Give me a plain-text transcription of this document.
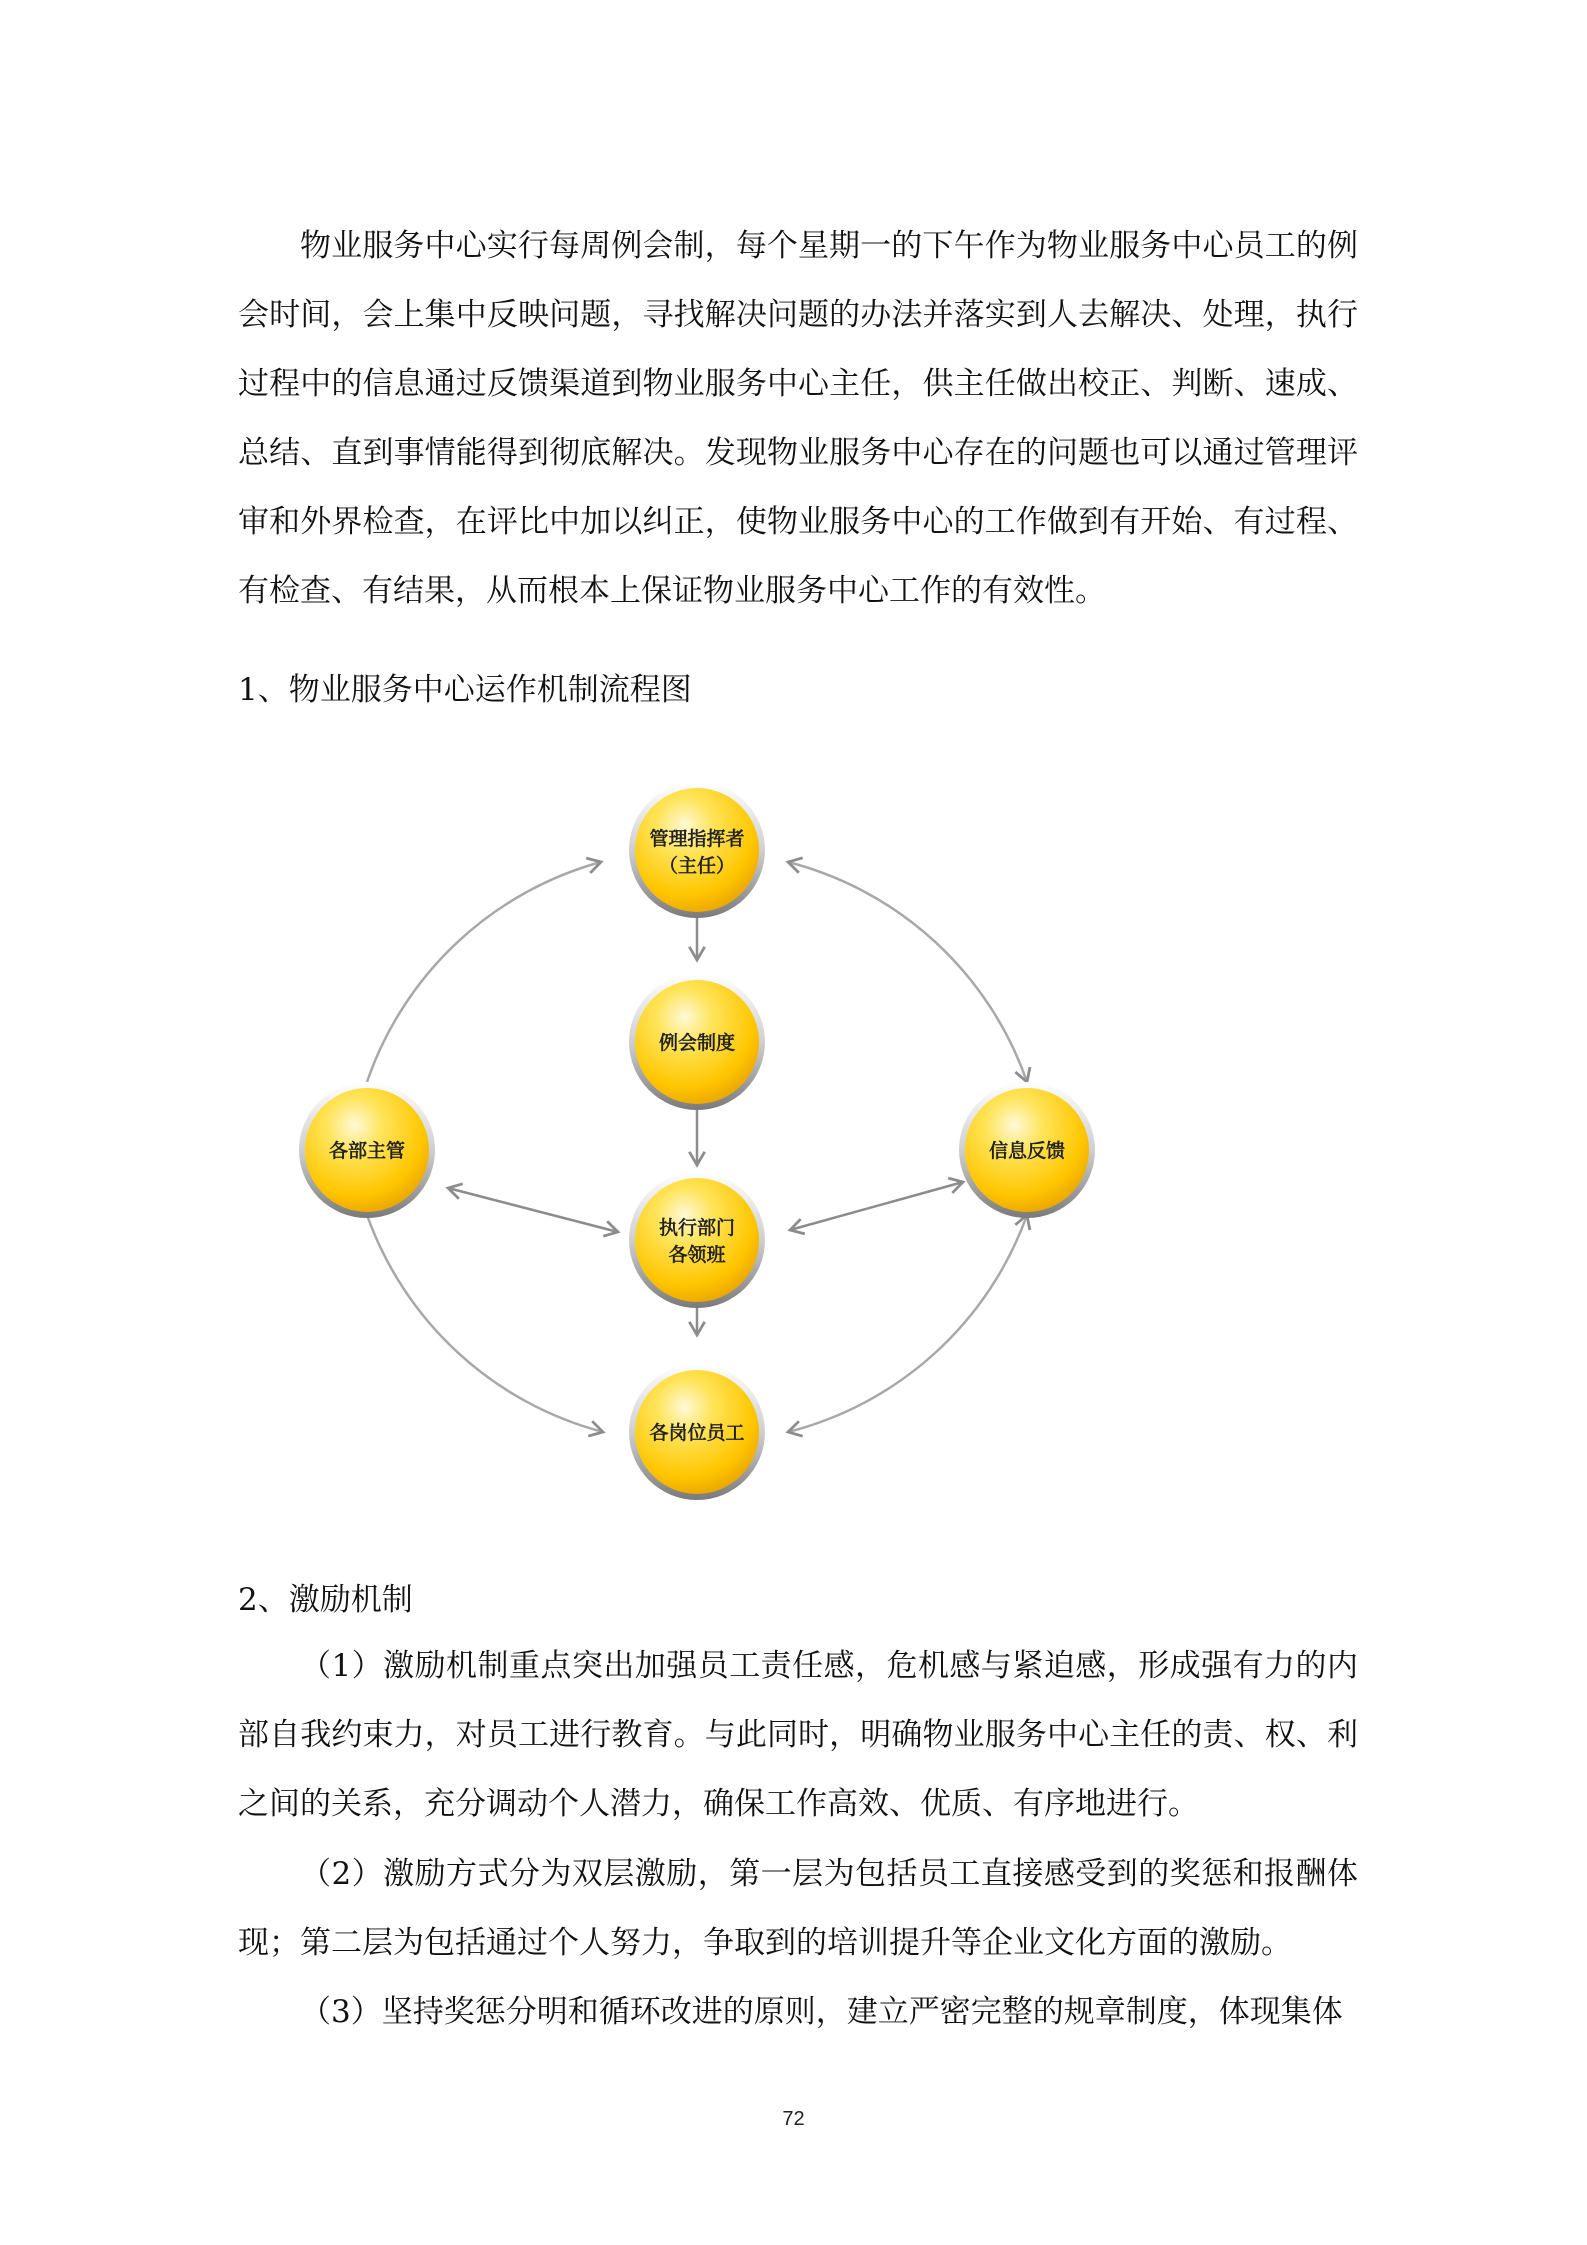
物业服务中心实行每周例会制，每个星期一的下午作为物业服务中心员工的例会时间，会上集中反映问题，寻找解决问题的办法并落实到人去解决、处理，执行过程中的信息通过反馈渠道到物业服务中心主任，供主任做出校正、判断、速成、总结、直到事情能得到彻底解决。发现物业服务中心存在的问题也可以通过管理评审和外界检查，在评比中加以纠正，使物业服务中心的工作做到有开始、有过程、有检查、有结果，从而根本上保证物业服务中心工作的有效性。

1、物业服务中心运作机制流程图

管理指挥者
（主任）
例会制度
各部主管	信息反馈
执行部门
各领班
各岗位员工

2、激励机制

（1）激励机制重点突出加强员工责任感，危机感与紧迫感，形成强有力的内部自我约束力，对员工进行教育。与此同时，明确物业服务中心主任的责、权、利之间的关系，充分调动个人潜力，确保工作高效、优质、有序地进行。

（2）激励方式分为双层激励，第一层为包括员工直接感受到的奖惩和报酬体现；第二层为包括通过个人努力，争取到的培训提升等企业文化方面的激励。

（3）坚持奖惩分明和循环改进的原则，建立严密完整的规章制度，体现集体

72
